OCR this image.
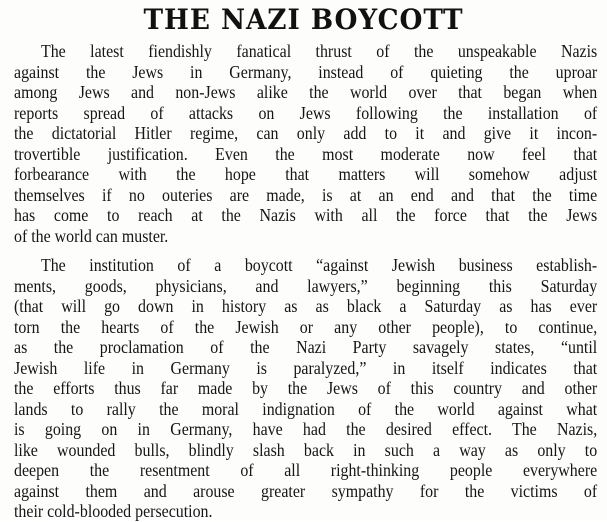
THE NAZI BOYCOTT
The latest fiendishly fanatical thrust of the unspeakable Nazis
against the Jews in Germany, instead of quieting the uproar
among Jews and non-Jews alike the world over that began when
reports spread of attacks on Jews following the installation of
the dictatorial Hitler regime, can only add to it and give it incon-
trovertible justification. Even the most moderate now feel that
forbearance with the hope that matters will somehow adjust
themselves if no outeries are made, is at an end and that the time
has come to reach at the Nazis with all the force that the Jews
of the world can muster.
The institution of a boycott “against Jewish business establish-
ments, goods, physicians, and lawyers,” beginning this Saturday
(that will go down in history as as black a Saturday as has ever
torn the hearts of the Jewish or any other people), to continue,
as the proclamation of the Nazi Party savagely states, “until
Jewish life in Germany is paralyzed,” in itself indicates that
the efforts thus far made by the Jews of this country and other
lands to rally the moral indignation of the world against what
is going on in Germany, have had the desired effect. The Nazis,
like wounded bulls, blindly slash back in such a way as only to
deepen the resentment of all right-thinking people everywhere
against them and arouse greater sympathy for the victims of
their cold-blooded persecution.
